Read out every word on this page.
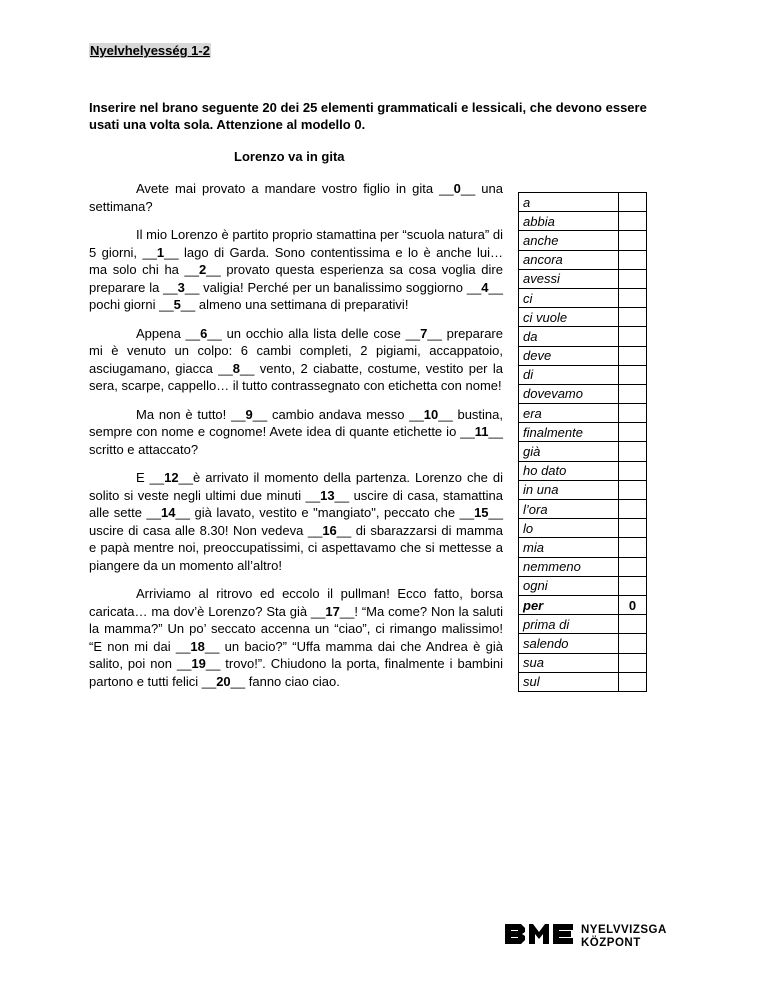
Nyelvhelyesség 1-2
Inserire nel brano seguente 20 dei 25 elementi grammaticali e lessicali, che devono essere usati una volta sola. Attenzione al modello 0.
Lorenzo va in gita

Avete mai provato a mandare vostro figlio in gita __0__ una settimana?

Il mio Lorenzo è partito proprio stamattina per “scuola natura” di 5 giorni, __1__ lago di Garda. Sono contentissima e lo è anche lui… ma solo chi ha __2__ provato questa esperienza sa cosa voglia dire preparare la __3__ valigia! Perché per un banalissimo soggiorno __4__ pochi giorni __5__ almeno una settimana di preparativi!

Appena __6__ un occhio alla lista delle cose __7__ preparare mi è venuto un colpo: 6 cambi completi, 2 pigiami, accappatoio, asciugamano, giacca __8__ vento, 2 ciabatte, costume, vestito per la sera, scarpe, cappello… il tutto contrassegnato con etichetta con nome!

Ma non è tutto! __9__ cambio andava messo __10__ bustina, sempre con nome e cognome! Avete idea di quante etichette io __11__ scritto e attaccato?

E __12__è arrivato il momento della partenza. Lorenzo che di solito si veste negli ultimi due minuti __13__ uscire di casa, stamattina alle sette __14__ già lavato, vestito e "mangiato", peccato che __15__ uscire di casa alle 8.30! Non vedeva __16__ di sbarazzarsi di mamma e papà mentre noi, preoccupatissimi, ci aspettavamo che si mettesse a piangere da un momento all’altro!

Arriviamo al ritrovo ed eccolo il pullman! Ecco fatto, borsa caricata… ma dov’è Lorenzo? Sta già __17__! “Ma come? Non la saluti la mamma?” Un po’ seccato accenna un “ciao”, ci rimango malissimo! “E non mi dai __18__ un bacio?” “Uffa mamma dai che Andrea è già salito, poi non __19__ trovo!”. Chiudono la porta, finalmente i bambini partono e tutti felici __20__ fanno ciao ciao.

a	
abbia	
anche	
ancora	
avessi	
ci	
ci vuole	
da	
deve	
di	
dovevamo	
era	
finalmente	
già	
ho dato	
in una	
l’ora	
lo	
mia	
nemmeno	
ogni	
per	0
prima di	
salendo	
sua	
sul	
NYELVVIZSGA
KÖZPONT
